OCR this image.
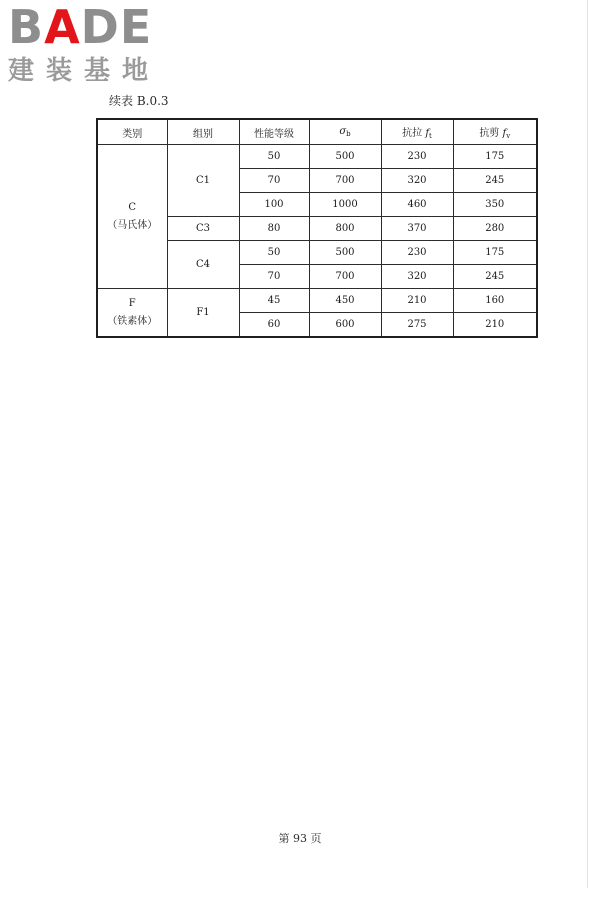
BADE
建装基地
续表 B.0.3
类别	组别	性能等级	$\sigma_b$	抗拉 $f_t$	抗剪 $f_v$

C
（马氏体）	C1	50	500	230	175
		70	700	320	245
		100	1000	460	350
	C3	80	800	370	280
	C4	50	500	230	175
		70	700	320	245

F
（铁素体）	F1	45	450	210	160
		60	600	275	210
第 93 页
